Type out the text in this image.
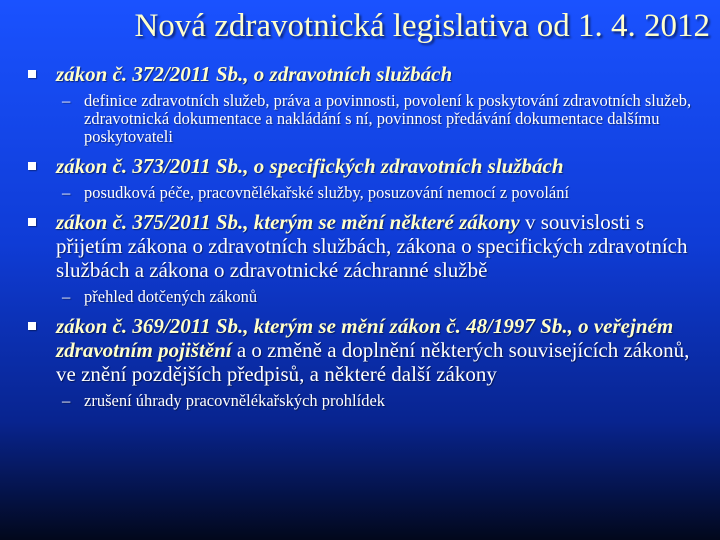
Nová zdravotnická legislativa od 1. 4. 2012
zákon č. 372/2011 Sb., o zdravotních službách
– definice zdravotních služeb, práva a povinnosti, povolení k poskytování zdravotních služeb, zdravotnická dokumentace a nakládání s ní, povinnost předávání dokumentace dalšímu poskytovateli
zákon č. 373/2011 Sb., o specifických zdravotních službách
– posudková péče, pracovnělékařské služby, posuzování nemocí z povolání
zákon č. 375/2011 Sb., kterým se mění některé zákony v souvislosti s přijetím zákona o zdravotních službách, zákona o specifických zdravotních službách a zákona o zdravotnické záchranné službě
– přehled dotčených zákonů
zákon č. 369/2011 Sb., kterým se mění zákon č. 48/1997 Sb., o veřejném zdravotním pojištění a o změně a doplnění některých souvisejících zákonů, ve znění pozdějších předpisů, a některé další zákony
– zrušení úhrady pracovnělékařských prohlídek
